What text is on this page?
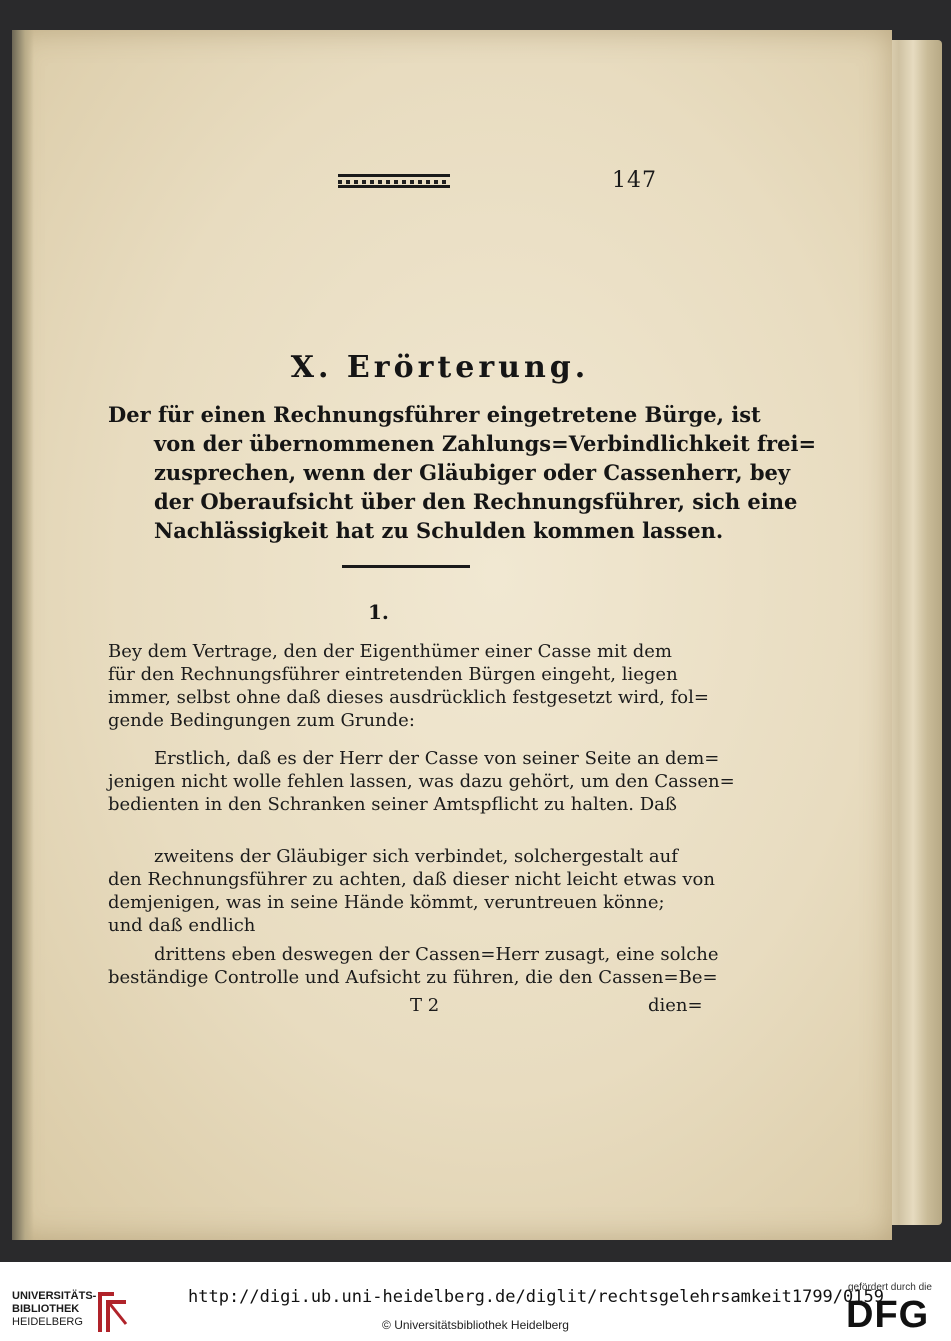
147
X. Erörterung.
Der für einen Rechnungsführer eingetretene Bürge, ist
von der übernommenen Zahlungs=Verbindlichkeit frei=
zusprechen, wenn der Gläubiger oder Cassenherr, bey
der Oberaufsicht über den Rechnungsführer, sich eine
Nachlässigkeit hat zu Schulden kommen lassen.
1.
Bey dem Vertrage, den der Eigenthümer einer Casse mit dem
für den Rechnungsführer eintretenden Bürgen eingeht, liegen
immer, selbst ohne daß dieses ausdrücklich festgesetzt wird, fol=
gende Bedingungen zum Grunde:
Erstlich, daß es der Herr der Casse von seiner Seite an dem=
jenigen nicht wolle fehlen lassen, was dazu gehört, um den Cassen=
bedienten in den Schranken seiner Amtspflicht zu halten. Daß
zweitens der Gläubiger sich verbindet, solchergestalt auf
den Rechnungsführer zu achten, daß dieser nicht leicht etwas von
demjenigen, was in seine Hände kömmt, veruntreuen könne;
und daß endlich
drittens eben deswegen der Cassen=Herr zusagt, eine solche
beständige Controlle und Aufsicht zu führen, die den Cassen=Be=
T 2	dien=
UNIVERSITÄTS-
BIBLIOTHEK
HEIDELBERG
http://digi.ub.uni-heidelberg.de/diglit/rechtsgelehrsamkeit1799/0159
© Universitätsbibliothek Heidelberg
gefördert durch die
DFG
